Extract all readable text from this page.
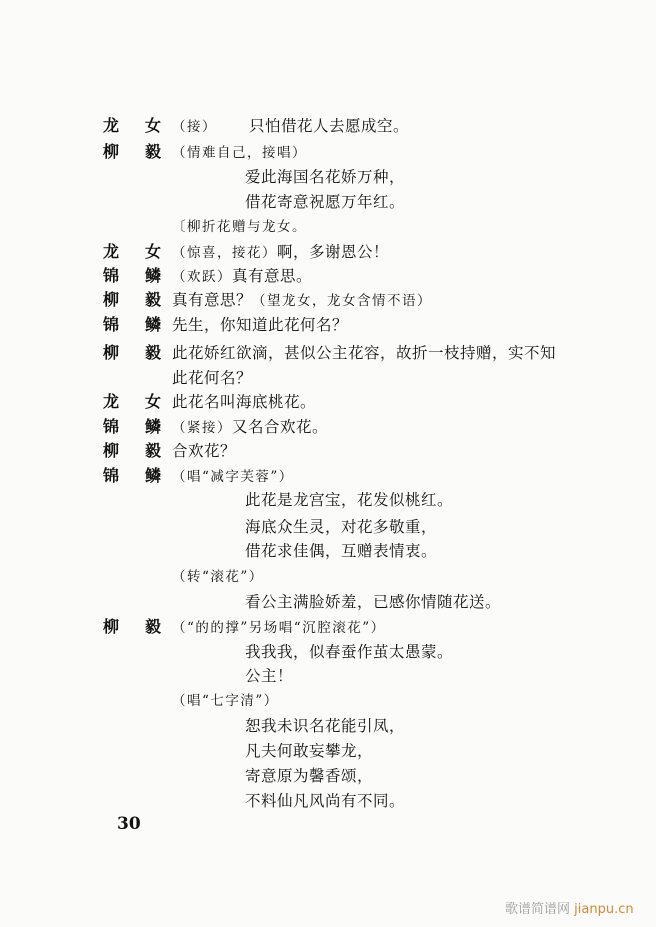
龙女 （接）	只怕借花人去愿成空。
柳毅 （情难自己，接唱）
爱此海国名花娇万种，
借花寄意祝愿万年红。
〔柳折花赠与龙女。
龙女 （惊喜，接花）啊，多谢恩公！
锦鳞 （欢跃）真有意思。
柳毅 真有意思？（望龙女，龙女含情不语）
锦鳞 先生，你知道此花何名？
柳毅 此花娇红欲滴，甚似公主花容，故折一枝持赠，实不知
此花何名？
龙女 此花名叫海底桃花。
锦鳞 （紧接）又名合欢花。
柳毅 合欢花？
锦鳞 （唱“减字芙蓉”）
此花是龙宫宝，花发似桃红。
海底众生灵，对花多敬重，
借花求佳偶，互赠表情衷。
（转“滚花”）
看公主满脸娇羞，已感你情随花送。
柳毅 （“的的撑”另场唱“沉腔滚花”）
我我我，似春蚕作茧太愚蒙。
公主！
（唱“七字清”）
恕我未识名花能引凤，
凡夫何敢妄攀龙，
寄意原为馨香颂，
不料仙凡风尚有不同。
30
歌谱简谱网 jianpu.cn
